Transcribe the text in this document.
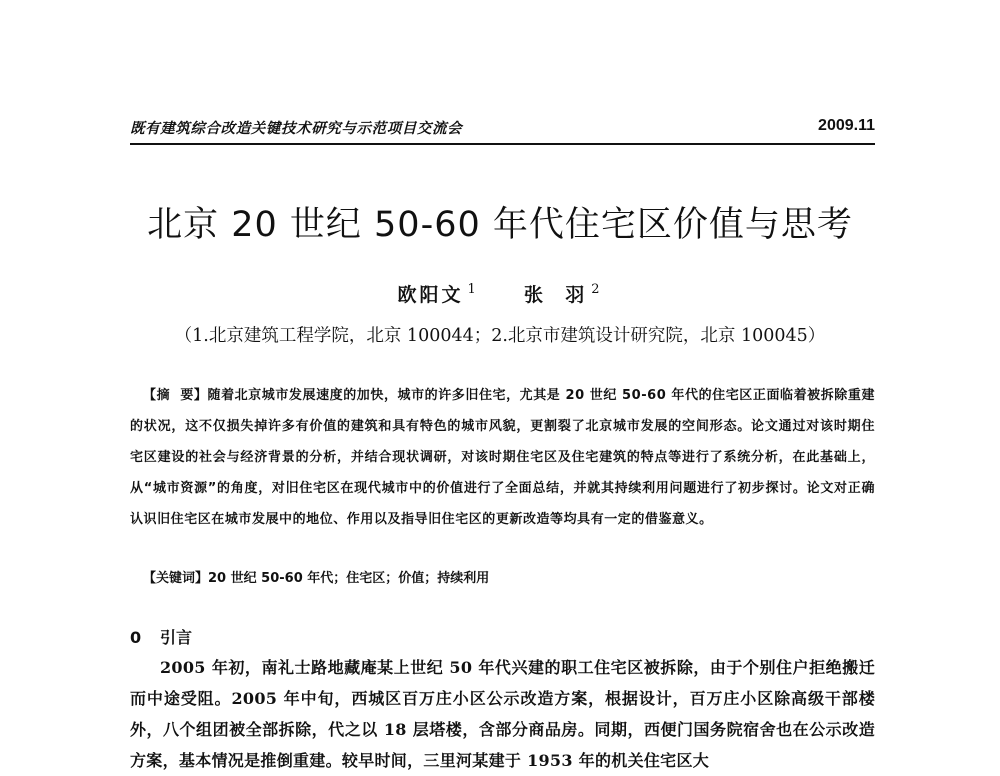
既有建筑综合改造关键技术研究与示范项目交流会	2009.11
北京 20 世纪 50-60 年代住宅区价值与思考
欧阳文 $^1$ 张  羽 $^2$
（1.北京建筑工程学院，北京 100044；2.北京市建筑设计研究院，北京 100045）

【摘  要】随着北京城市发展速度的加快，城市的许多旧住宅，尤其是 20 世纪 50-60 年代的住宅区正面临着被拆除重建的状况，这不仅损失掉许多有价值的建筑和具有特色的城市风貌，更割裂了北京城市发展的空间形态。论文通过对该时期住宅区建设的社会与经济背景的分析，并结合现状调研，对该时期住宅区及住宅建筑的特点等进行了系统分析，在此基础上，从“城市资源”的角度，对旧住宅区在现代城市中的价值进行了全面总结，并就其持续利用问题进行了初步探讨。论文对正确认识旧住宅区在城市发展中的地位、作用以及指导旧住宅区的更新改造等均具有一定的借鉴意义。

【关键词】20 世纪 50-60 年代；住宅区；价值；持续利用

0 引言

2005 年初，南礼士路地藏庵某上世纪 50 年代兴建的职工住宅区被拆除，由于个别住户拒绝搬迁而中途受阻。2005 年中旬，西城区百万庄小区公示改造方案，根据设计，百万庄小区除高级干部楼外，八个组团被全部拆除，代之以 18 层塔楼，含部分商品房。同期，西便门国务院宿舍也在公示改造方案，基本情况是推倒重建。较早时间，三里河某建于 1953 年的机关住宅区大
